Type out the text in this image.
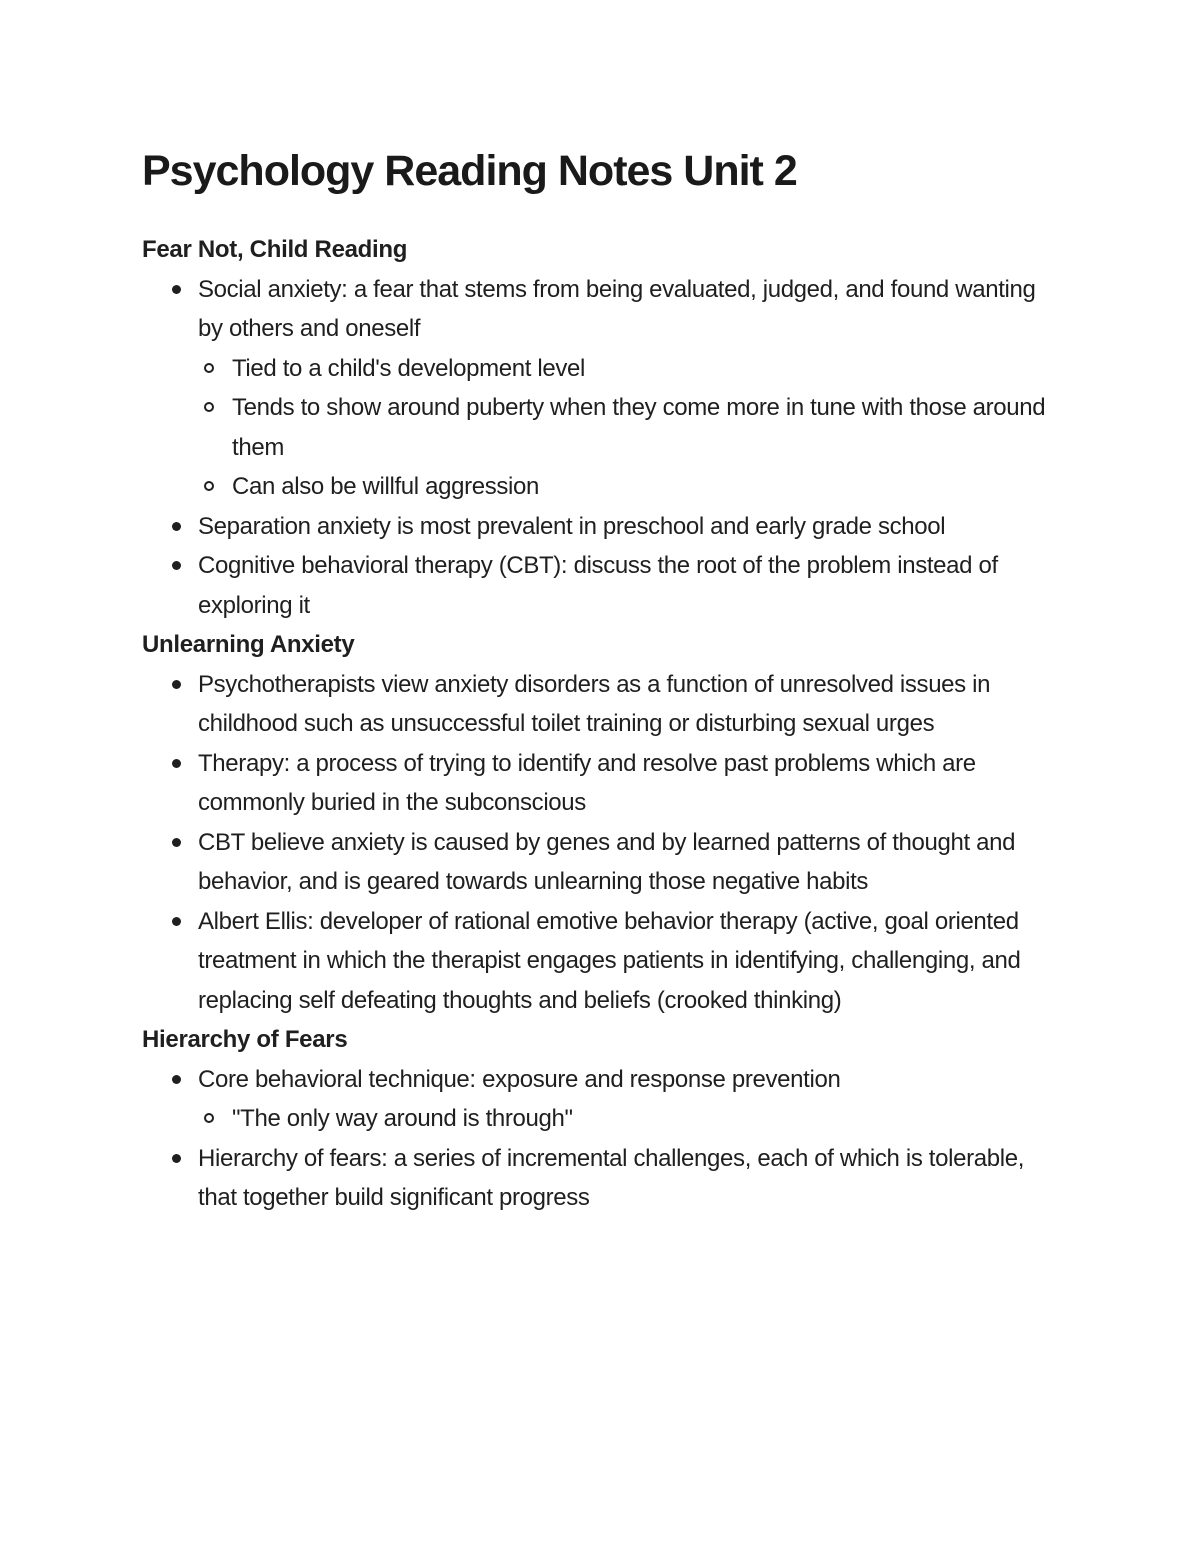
Psychology Reading Notes Unit 2
Fear Not, Child Reading
Social anxiety: a fear that stems from being evaluated, judged, and found wanting by others and oneself
Tied to a child's development level
Tends to show around puberty when they come more in tune with those around them
Can also be willful aggression
Separation anxiety is most prevalent in preschool and early grade school
Cognitive behavioral therapy (CBT): discuss the root of the problem instead of exploring it
Unlearning Anxiety
Psychotherapists view anxiety disorders as a function of unresolved issues in childhood such as unsuccessful toilet training or disturbing sexual urges
Therapy: a process of trying to identify and resolve past problems which are commonly buried in the subconscious
CBT believe anxiety is caused by genes and by learned patterns of thought and behavior, and is geared towards unlearning those negative habits
Albert Ellis: developer of rational emotive behavior therapy (active, goal oriented treatment in which the therapist engages patients in identifying, challenging, and replacing self defeating thoughts and beliefs (crooked thinking)
Hierarchy of Fears
Core behavioral technique: exposure and response prevention
"The only way around is through"
Hierarchy of fears: a series of incremental challenges, each of which is tolerable, that together build significant progress
